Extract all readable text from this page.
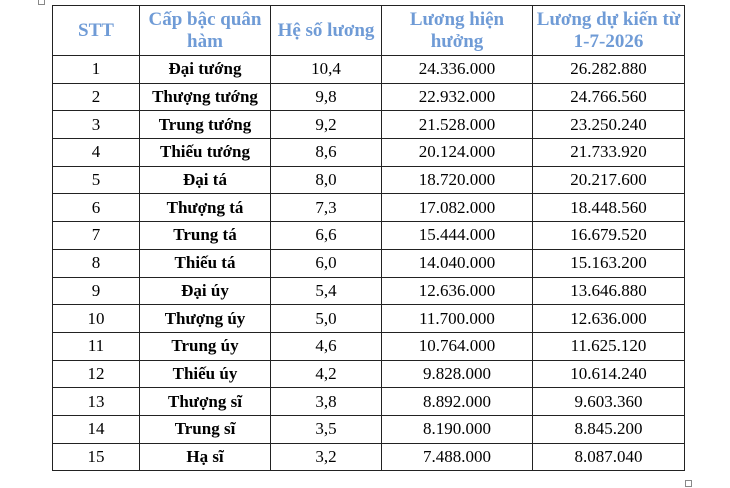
STT	Cấp bậc quân hàm	Hệ số lương	Lương hiện hưởng	Lương dự kiến từ 1-7-2026
1	Đại tướng	10,4	24.336.000	26.282.880
2	Thượng tướng	9,8	22.932.000	24.766.560
3	Trung tướng	9,2	21.528.000	23.250.240
4	Thiếu tướng	8,6	20.124.000	21.733.920
5	Đại tá	8,0	18.720.000	20.217.600
6	Thượng tá	7,3	17.082.000	18.448.560
7	Trung tá	6,6	15.444.000	16.679.520
8	Thiếu tá	6,0	14.040.000	15.163.200
9	Đại úy	5,4	12.636.000	13.646.880
10	Thượng úy	5,0	11.700.000	12.636.000
11	Trung úy	4,6	10.764.000	11.625.120
12	Thiếu úy	4,2	9.828.000	10.614.240
13	Thượng sĩ	3,8	8.892.000	9.603.360
14	Trung sĩ	3,5	8.190.000	8.845.200
15	Hạ sĩ	3,2	7.488.000	8.087.040
